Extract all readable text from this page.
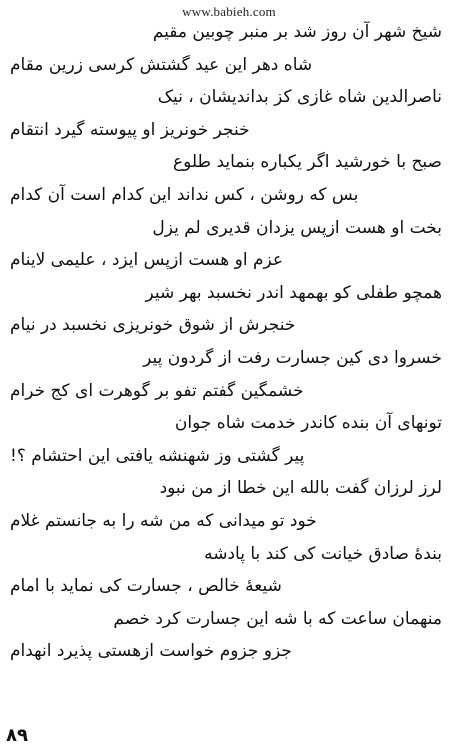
www.babieh.com
شیخ شهر آن روز شد بر منبر چوبین مقیم
شاه دهر این عید گشتش کرسی زرین مقام
ناصرالدین شاه غازی کز بداندیشان ، نیک
خنجر خونریز او پیوسته گیرد انتقام
صبح با خورشید اگر یکباره بنماید طلوع
بس که روشن ، کس نداند این کدام است آن کدام
بخت او هست ازپس یزدان قدیری لم یزل
عزم او هست ازپس ایزد ، علیمی لاینام
همچو طفلی کو بهمهد اندر نخسبد بهر شیر
خنجرش از شوق خونریزی نخسبد در نیام
خسروا دی کین جسارت رفت از گردون پیر
خشمگین گفتم تفو بر گوهرت ای کج خرام
تونهای آن بنده کاندر خدمت شاه جوان
پیر گشتی وز شهنشه یافتی این احتشام ؟!
لرز لرزان گفت بالله این خطا از من نبود
خود تو میدانی که من شه را به جانستم غلام
بندهٔ صادق خیانت کی کند با پادشه
شیعهٔ خالص ، جسارت کی نماید با امام
منهمان ساعت که با شه این جسارت کرد خصم
جزو جزوم خواست ازهستی پذیرد انهدام
۸۹
